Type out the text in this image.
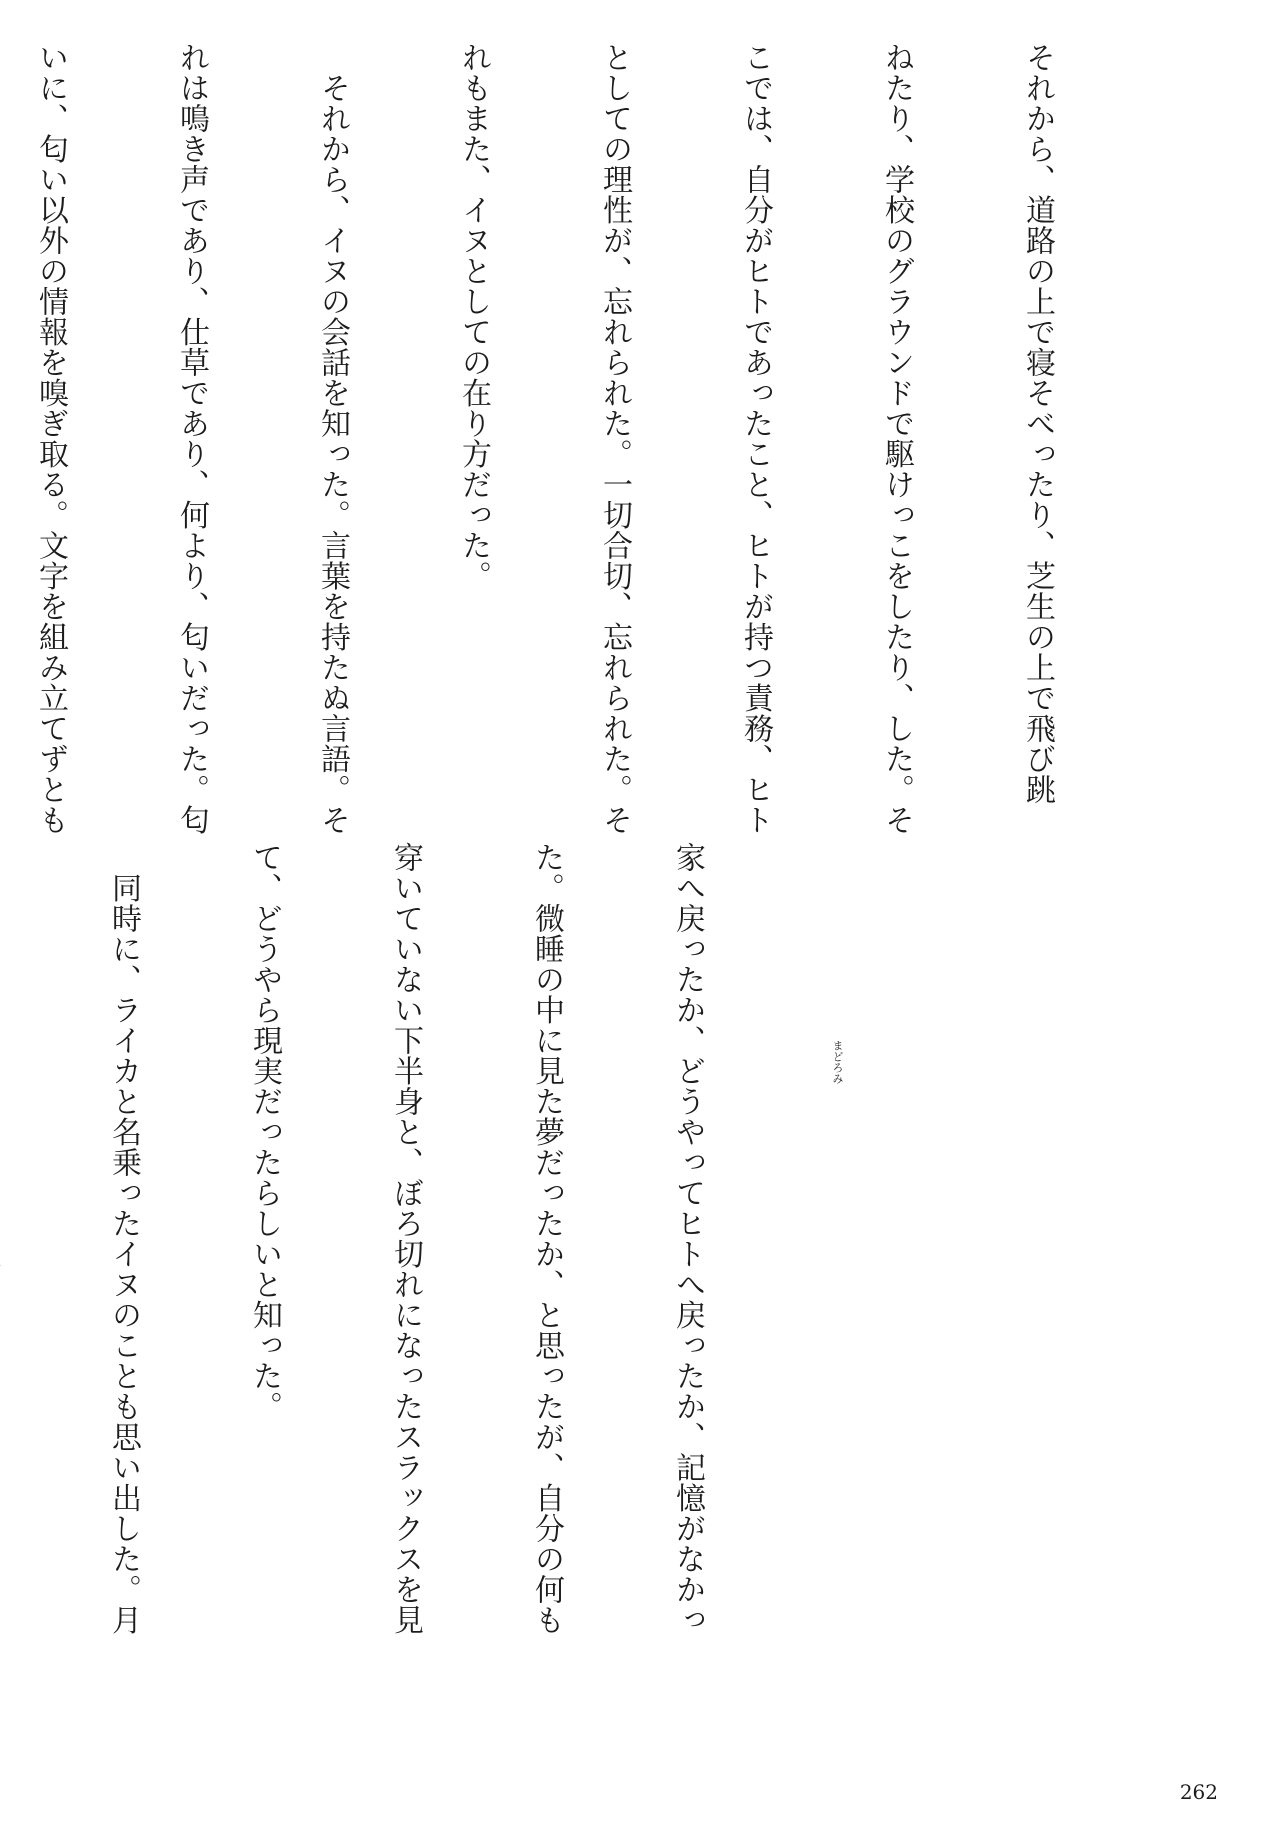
それから、道路の上で寝そべったり、芝生の上で飛び跳

ねたり、学校のグラウンドで駆けっこをしたり、した。そ

こでは、自分がヒトであったこと、ヒトが持つ責務、ヒト

としての理性が、忘れられた。一切合切、忘れられた。そ

れもまた、イヌとしての在り方だった。

　それから、イヌの会話を知った。言葉を持たぬ言語。そ

れは鳴き声であり、仕草であり、何より、匂いだった。匂

いに、匂い以外の情報を嗅ぎ取る。文字を組み立てずとも

家へ戻ったか、どうやってヒトへ戻ったか、記憶がなかっ

た。微睡の中に見た夢だったか、と思ったが、自分の何も

穿いていない下半身と、ぼろ切れになったスラックスを見

て、どうやら現実だったらしいと知った。

　同時に、ライカと名乗ったイヌのことも思い出した。月

	まどろみ
262
